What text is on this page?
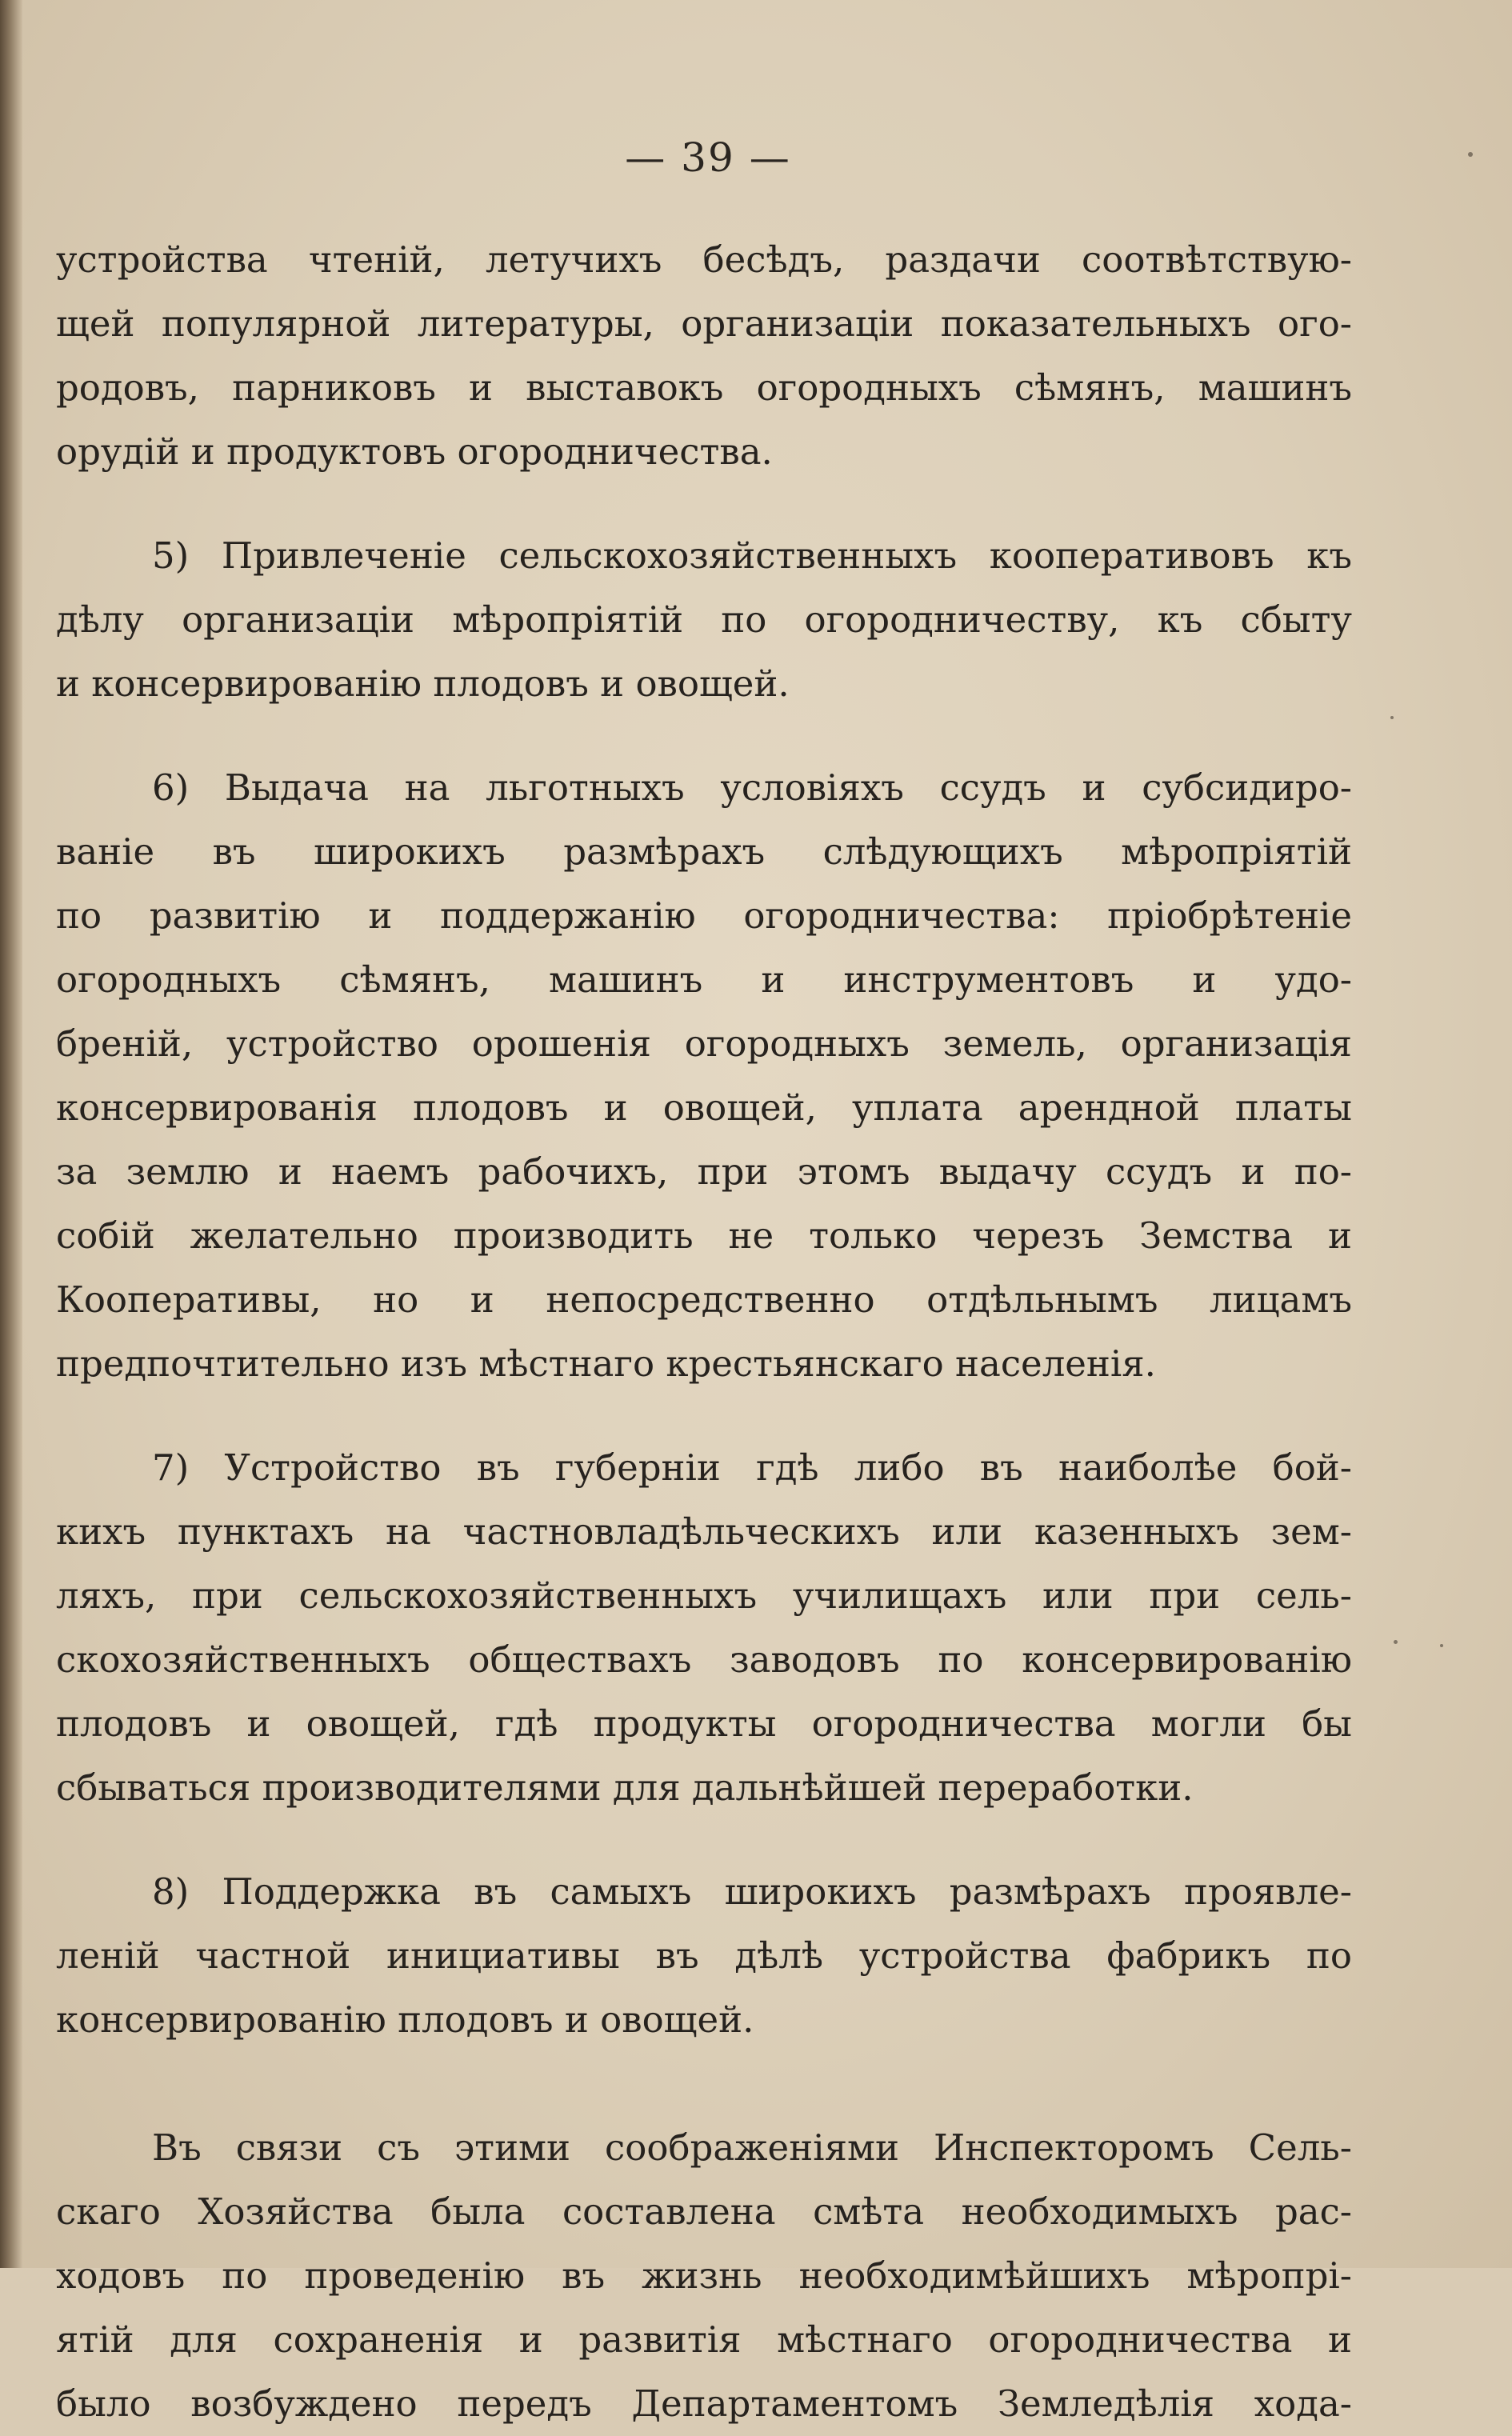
— 39 —
устройства чтеній, летучихъ бесѣдъ, раздачи соотвѣтствую-
щей популярной литературы, организаціи показательныхъ ого-
родовъ, парниковъ и выставокъ огородныхъ сѣмянъ, машинъ
орудій и продуктовъ огородничества.
5) Привлеченіе сельскохозяйственныхъ кооперативовъ къ
дѣлу организаціи мѣропріятій по огородничеству, къ сбыту
и консервированію плодовъ и овощей.
6) Выдача на льготныхъ условіяхъ ссудъ и субсидиро-
ваніе въ широкихъ размѣрахъ слѣдующихъ мѣропріятій
по развитію и поддержанію огородничества: пріобрѣтеніе
огородныхъ сѣмянъ, машинъ и инструментовъ и удо-
бреній, устройство орошенія огородныхъ земель, организація
консервированія плодовъ и овощей, уплата арендной платы
за землю и наемъ рабочихъ, при этомъ выдачу ссудъ и по-
собій желательно производить не только черезъ Земства и
Кооперативы, но и непосредственно отдѣльнымъ лицамъ
предпочтительно изъ мѣстнаго крестьянскаго населенія.
7) Устройство въ губерніи гдѣ либо въ наиболѣе бой-
кихъ пунктахъ на частновладѣльческихъ или казенныхъ зем-
ляхъ, при сельскохозяйственныхъ училищахъ или при сель-
скохозяйственныхъ обществахъ заводовъ по консервированію
плодовъ и овощей, гдѣ продукты огородничества могли бы
сбываться производителями для дальнѣйшей переработки.
8) Поддержка въ самыхъ широкихъ размѣрахъ проявле-
леній частной инициативы въ дѣлѣ устройства фабрикъ по
консервированію плодовъ и овощей.
Въ связи съ этими соображеніями Инспекторомъ Сель-
скаго Хозяйства была составлена смѣта необходимыхъ рас-
ходовъ по проведенію въ жизнь необходимѣйшихъ мѣропрі-
ятій для сохраненія и развитія мѣстнаго огородничества и
было возбуждено передъ Департаментомъ Земледѣлія хода-
